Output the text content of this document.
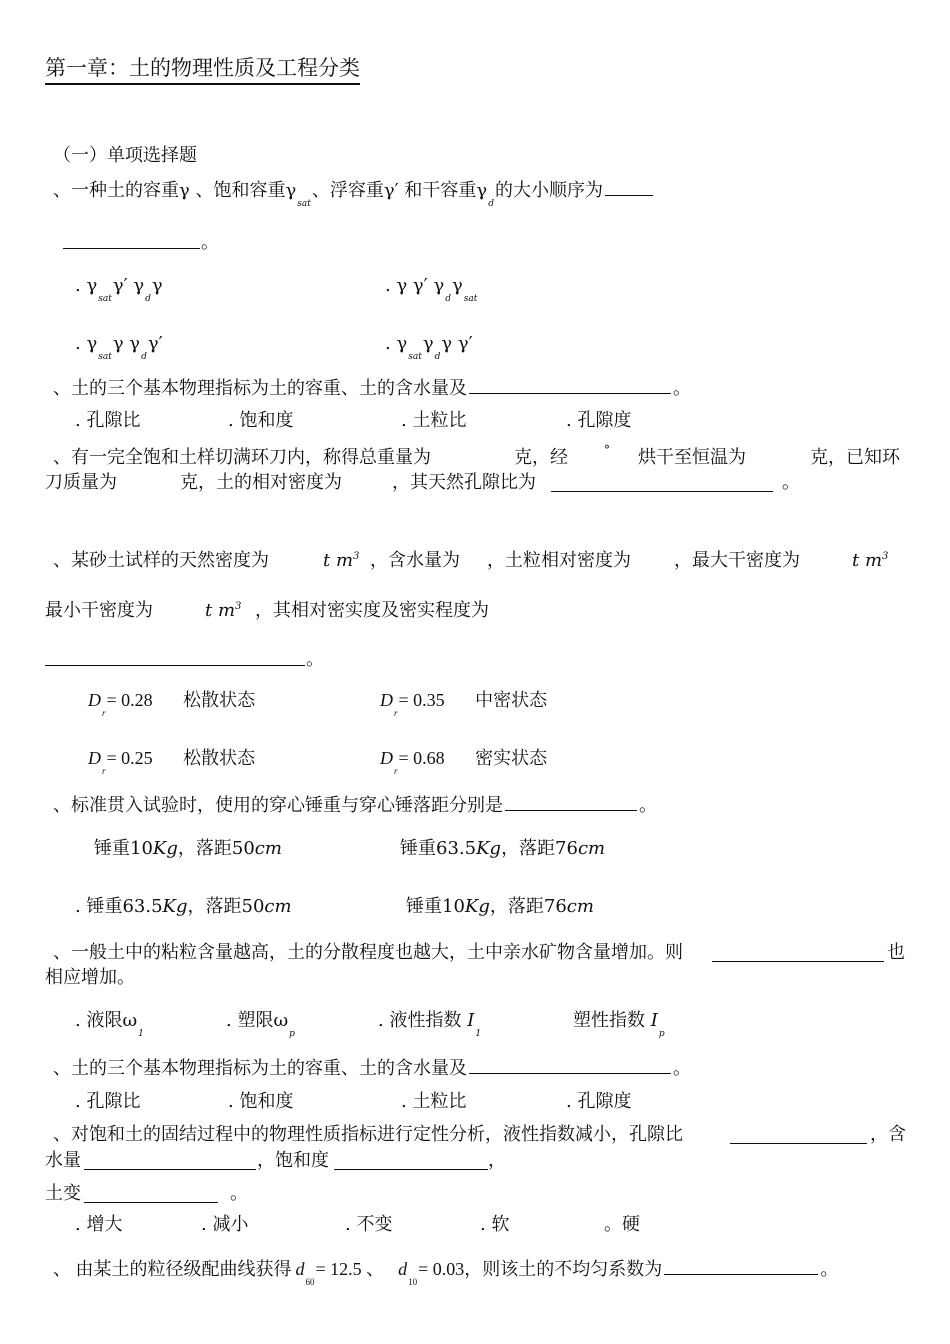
第一章：土的物理性质及工程分类
（一）单项选择题
、一种土的容重γ 、饱和容重$\gamma_{sat}$、浮容重γ′ 和干容重$\gamma_d$的大小顺序为
。
. $\gamma_{sat}\gamma'$ $\gamma_d\gamma$	. γ γ′ $\gamma_d\gamma_{sat}$
. $\gamma_{sat}\gamma$ $\gamma_d\gamma'$	. $\gamma_{sat}\gamma_d\gamma$ γ′
、土的三个基本物理指标为土的容重、土的含水量及	。
. 孔隙比	. 饱和度	. 土粒比	. 孔隙度
、有一完全饱和土样切满环刀内，称得总重量为	克，经	° 烘干至恒温为	克，已知环
刀质量为	克，土的相对密度为	，其天然孔隙比为	。
、某砂土试样的天然密度为	t $m^3$ ，含水量为 ，土粒相对密度为 ，最大干密度为	t $m^3$
最小干密度为	t $m^3$ ，其相对密实度及密实程度为
。
$D_r= 0.28$ 松散状态	$D_r= 0.35$ 中密状态
$D_r= 0.25$ 松散状态	$D_r= 0.68$ 密实状态
、标准贯入试验时，使用的穿心锤重与穿心锤落距分别是	。
锤重10Kg，落距50cm	锤重63.5Kg，落距76cm
. 锤重63.5Kg，落距50cm	锤重10Kg，落距76cm
、一般土中的粘粒含量越高，土的分散程度也越大，土中亲水矿物含量增加。则	也
相应增加。
. 液限$\omega_1$
. 塑限$\omega_p$
. 液性指数 $I_1$
塑性指数 $I_p$
、土的三个基本物理指标为土的容重、土的含水量及	。
. 孔隙比	. 饱和度	. 土粒比	. 孔隙度
、对饱和土的固结过程中的物理性质指标进行定性分析，液性指数减小，孔隙比	，含
水量	，饱和度	，
土变	。
. 增大	. 减小	. 不变	. 软	。硬
、 由某土的粒径级配曲线获得 $d_{60}= 12.5$ 、 $d_{10}= 0.03$，则该土的不均匀系数为	。
